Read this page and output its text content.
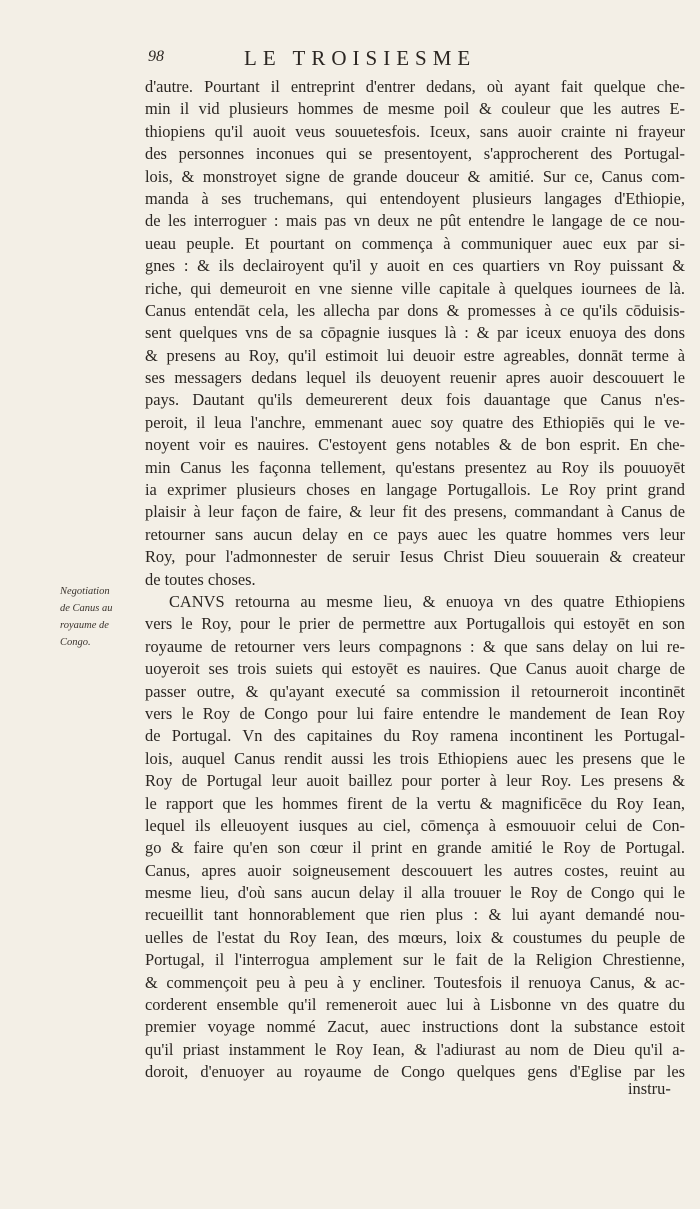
98	LE TROISIESME
Negotiation
de Canus au
royaume de
Congo.
d'autre. Pourtant il entreprint d'entrer dedans, où ayant fait quelque che-
min il vid plusieurs hommes de mesme poil & couleur que les autres E-
thiopiens qu'il auoit veus souuetesfois. Iceux, sans auoir crainte ni frayeur
des personnes inconues qui se presentoyent, s'approcherent des Portugal-
lois, & monstroyet signe de grande douceur & amitié. Sur ce, Canus com-
manda à ses truchemans, qui entendoyent plusieurs langages d'Ethiopie,
de les interroguer : mais pas vn deux ne pût entendre le langage de ce nou-
ueau peuple. Et pourtant on commença à communiquer auec eux par si-
gnes : & ils declairoyent qu'il y auoit en ces quartiers vn Roy puissant &
riche, qui demeuroit en vne sienne ville capitale à quelques iournees de là.
Canus entendāt cela, les allecha par dons & promesses à ce qu'ils cōduisis-
sent quelques vns de sa cōpagnie iusques là : & par iceux enuoya des dons
& presens au Roy, qu'il estimoit lui deuoir estre agreables, donnāt terme à
ses messagers dedans lequel ils deuoyent reuenir apres auoir descouuert le
pays. Dautant qu'ils demeurerent deux fois dauantage que Canus n'es-
peroit, il leua l'anchre, emmenant auec soy quatre des Ethiopiēs qui le ve-
noyent voir es nauires. C'estoyent gens notables & de bon esprit. En che-
min Canus les façonna tellement, qu'estans presentez au Roy ils pouuoyēt
ia exprimer plusieurs choses en langage Portugallois. Le Roy print grand
plaisir à leur façon de faire, & leur fit des presens, commandant à Canus de
retourner sans aucun delay en ce pays auec les quatre hommes vers leur
Roy, pour l'admonnester de seruir Iesus Christ Dieu souuerain & createur
de toutes choses.
CANVS retourna au mesme lieu, & enuoya vn des quatre Ethiopiens
vers le Roy, pour le prier de permettre aux Portugallois qui estoyēt en son
royaume de retourner vers leurs compagnons : & que sans delay on lui re-
uoyeroit ses trois suiets qui estoyēt es nauires. Que Canus auoit charge de
passer outre, & qu'ayant executé sa commission il retourneroit incontinēt
vers le Roy de Congo pour lui faire entendre le mandement de Iean Roy
de Portugal. Vn des capitaines du Roy ramena incontinent les Portugal-
lois, auquel Canus rendit aussi les trois Ethiopiens auec les presens que le
Roy de Portugal leur auoit baillez pour porter à leur Roy. Les presens &
le rapport que les hommes firent de la vertu & magnificēce du Roy Iean,
lequel ils elleuoyent iusques au ciel, cōmença à esmouuoir celui de Con-
go & faire qu'en son cœur il print en grande amitié le Roy de Portugal.
Canus, apres auoir soigneusement descouuert les autres costes, reuint au
mesme lieu, d'où sans aucun delay il alla trouuer le Roy de Congo qui le
recueillit tant honnorablement que rien plus : & lui ayant demandé nou-
uelles de l'estat du Roy Iean, des mœurs, loix & coustumes du peuple de
Portugal, il l'interrogua amplement sur le fait de la Religion Chrestienne,
& commençoit peu à peu à y encliner. Toutesfois il renuoya Canus, & ac-
corderent ensemble qu'il remeneroit auec lui à Lisbonne vn des quatre du
premier voyage nommé Zacut, auec instructions dont la substance estoit
qu'il priast instamment le Roy Iean, & l'adiurast au nom de Dieu qu'il a-
doroit, d'enuoyer au royaume de Congo quelques gens d'Eglise par les
instru-
